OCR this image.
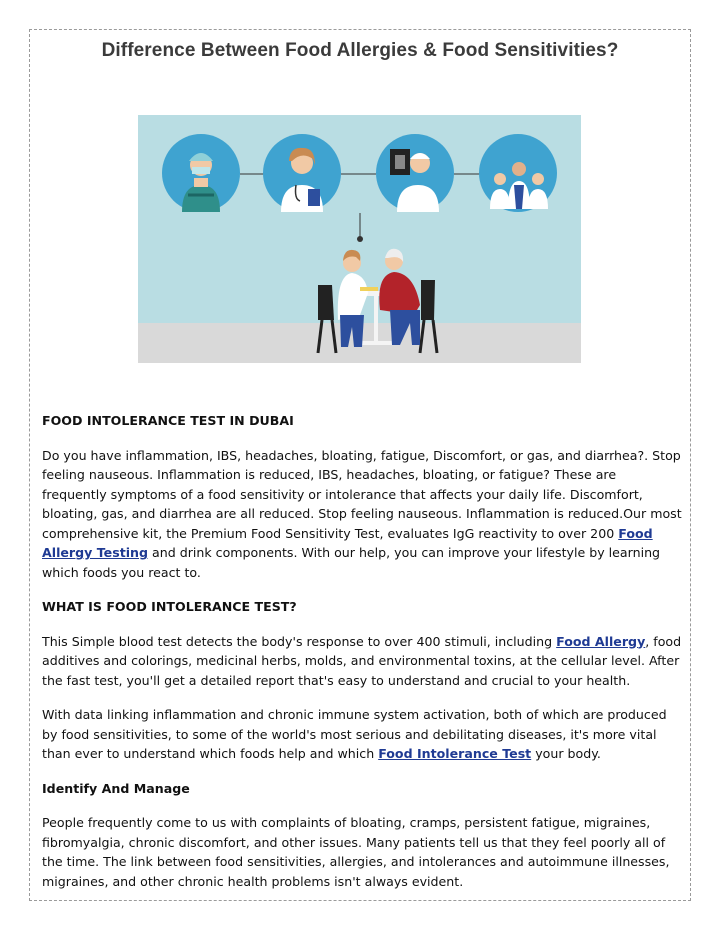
Difference Between Food Allergies & Food Sensitivities?
FOOD INTOLERANCE TEST IN DUBAI

Do you have inflammation, IBS, headaches, bloating, fatigue, Discomfort, or gas, and diarrhea?. Stop feeling nauseous. Inflammation is reduced, IBS, headaches, bloating, or fatigue? These are frequently symptoms of a food sensitivity or intolerance that affects your daily life. Discomfort, bloating, gas, and diarrhea are all reduced. Stop feeling nauseous. Inflammation is reduced.Our most comprehensive kit, the Premium Food Sensitivity Test, evaluates IgG reactivity to over 200 Food Allergy Testing and drink components. With our help, you can improve your lifestyle by learning which foods you react to.

WHAT IS FOOD INTOLERANCE TEST?

This Simple blood test detects the body's response to over 400 stimuli, including Food Allergy, food additives and colorings, medicinal herbs, molds, and environmental toxins, at the cellular level. After the fast test, you'll get a detailed report that's easy to understand and crucial to your health.

With data linking inflammation and chronic immune system activation, both of which are produced by food sensitivities, to some of the world's most serious and debilitating diseases, it's more vital than ever to understand which foods help and which Food Intolerance Test your body.

Identify And Manage

People frequently come to us with complaints of bloating, cramps, persistent fatigue, migraines, fibromyalgia, chronic discomfort, and other issues. Many patients tell us that they feel poorly all of the time. The link between food sensitivities, allergies, and intolerances and autoimmune illnesses, migraines, and other chronic health problems isn't always evident.
